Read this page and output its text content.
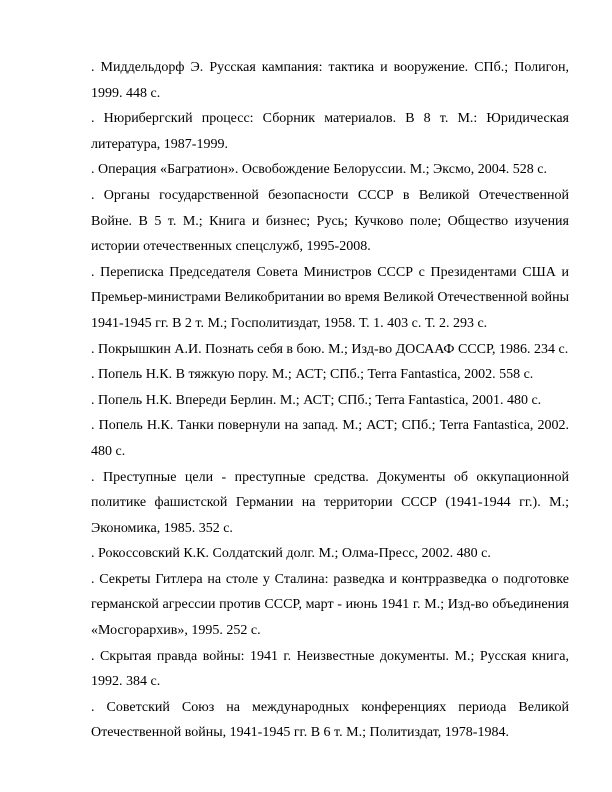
. Миддельдорф Э. Русская кампания: тактика и вооружение. СПб.; Полигон, 1999. 448 с.
. Нюрибергский процесс: Сборник материалов. В 8 т. М.: Юридическая литература, 1987-1999.
. Операция «Багратион». Освобождение Белоруссии. М.; Эксмо, 2004. 528 с.
. Органы государственной безопасности СССР в Великой Отечественной Войне. В 5 т. М.; Книга и бизнес; Русь; Кучково поле; Общество изучения истории отечественных спецслужб, 1995-2008.
. Переписка Председателя Совета Министров СССР с Президентами США и Премьер-министрами Великобритании во время Великой Отечественной войны 1941-1945 гг. В 2 т. М.; Госполитиздат, 1958. Т. 1. 403 с. Т. 2. 293 с.
. Покрышкин А.И. Познать себя в бою. М.; Изд-во ДОСААФ СССР, 1986. 234 с.
. Попель Н.К. В тяжкую пору. М.; АСТ; СПб.; Terra Fantastica, 2002. 558 с.
. Попель Н.К. Впереди Берлин. М.; АСТ; СПб.; Terra Fantastica, 2001. 480 с.
. Попель Н.К. Танки повернули на запад. М.; АСТ; СПб.; Terra Fantastica, 2002. 480 с.
. Преступные цели - преступные средства. Документы об оккупационной политике фашистской Германии на территории СССР (1941-1944 гг.). М.; Экономика, 1985. 352 с.
. Рокоссовский К.К. Солдатский долг. М.; Олма-Пресс, 2002. 480 с.
. Секреты Гитлера на столе у Сталина: разведка и контрразведка о подготовке германской агрессии против СССР, март - июнь 1941 г. М.; Изд-во объединения «Мосгорархив», 1995. 252 с.
. Скрытая правда войны: 1941 г. Неизвестные документы. М.; Русская книга, 1992. 384 с.
. Советский Союз на международных конференциях периода Великой Отечественной войны, 1941-1945 гг. В 6 т. М.; Политиздат, 1978-1984.
